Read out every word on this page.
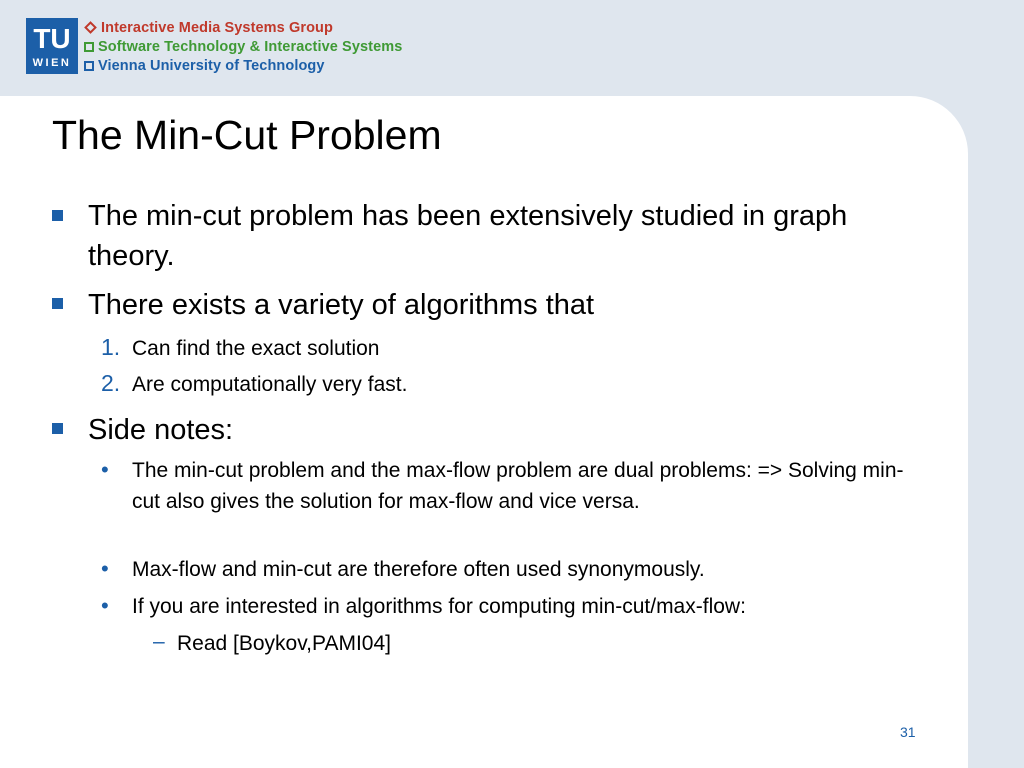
TU
WIEN
Interactive Media Systems Group
Software Technology & Interactive Systems
Vienna University of Technology
The Min-Cut Problem
The min-cut problem has been extensively studied in graph theory.
There exists a variety of algorithms that
1. Can find the exact solution
2. Are computationally very fast.
Side notes:
• The min-cut problem and the max-flow problem are dual problems: => Solving min-cut also gives the solution for max-flow and vice versa.
• Max-flow and min-cut are therefore often used synonymously.
• If you are interested in algorithms for computing min-cut/max-flow:
– Read [Boykov,PAMI04]
31
